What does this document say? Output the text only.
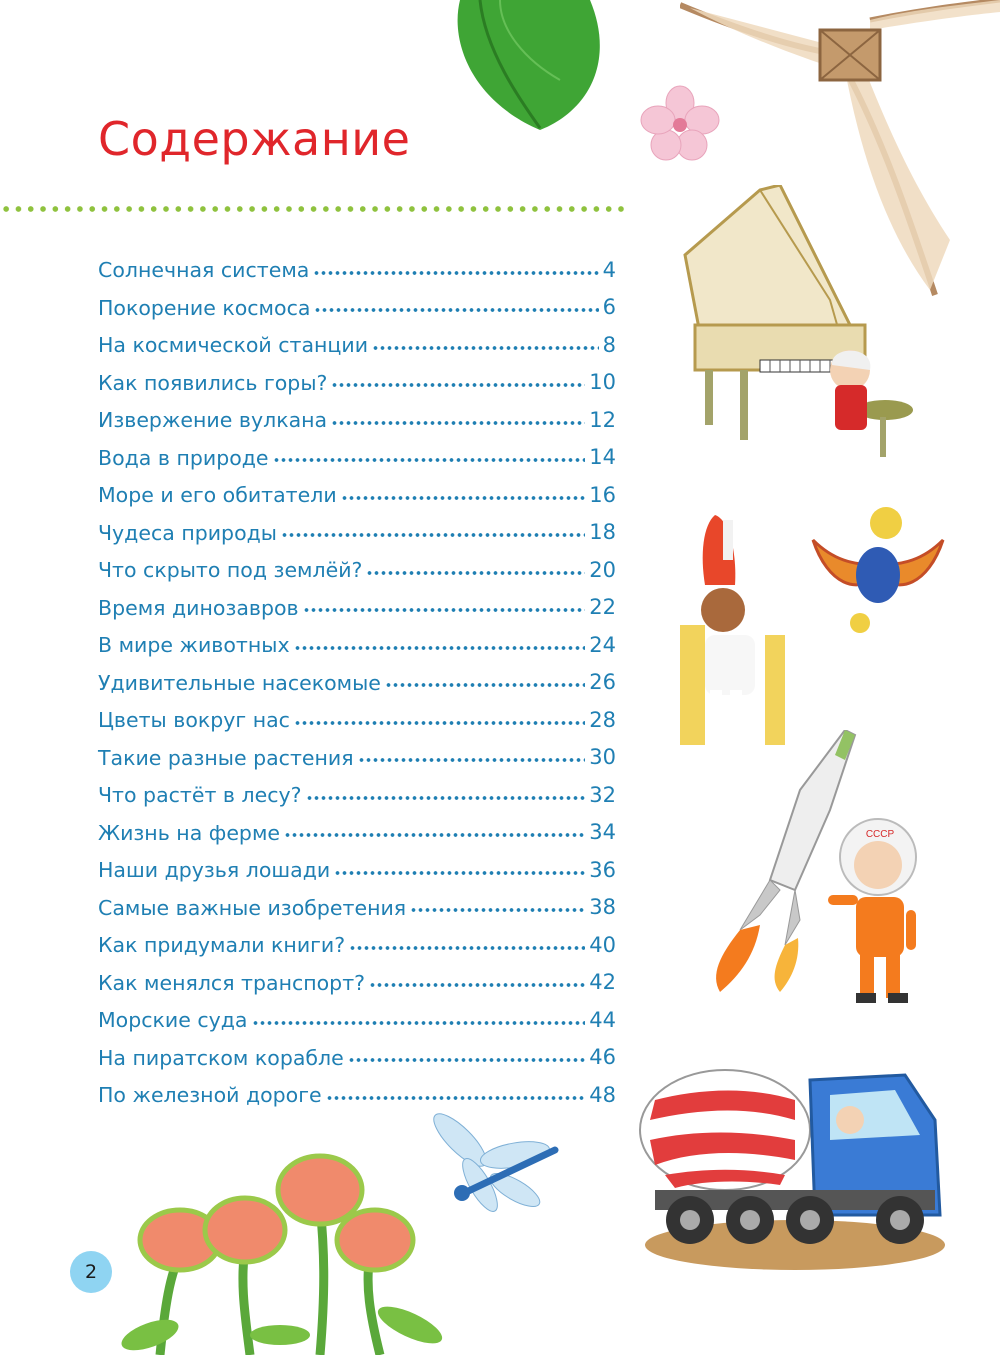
Содержание
Солнечная система	4
Покорение космоса	6
На космической станции	8
Как появились горы?	10
Извержение вулкана	12
Вода в природе	14
Море и его обитатели	16
Чудеса природы	18
Что скрыто под землёй?	20
Время динозавров	22
В мире животных	24
Удивительные насекомые	26
Цветы вокруг нас	28
Такие разные растения	30
Что растёт в лесу?	32
Жизнь на ферме	34
Наши друзья лошади	36
Самые важные изобретения	38
Как придумали книги?	40
Как менялся транспорт?	42
Морские суда	44
На пиратском корабле	46
По железной дороге	48
2
СССР
